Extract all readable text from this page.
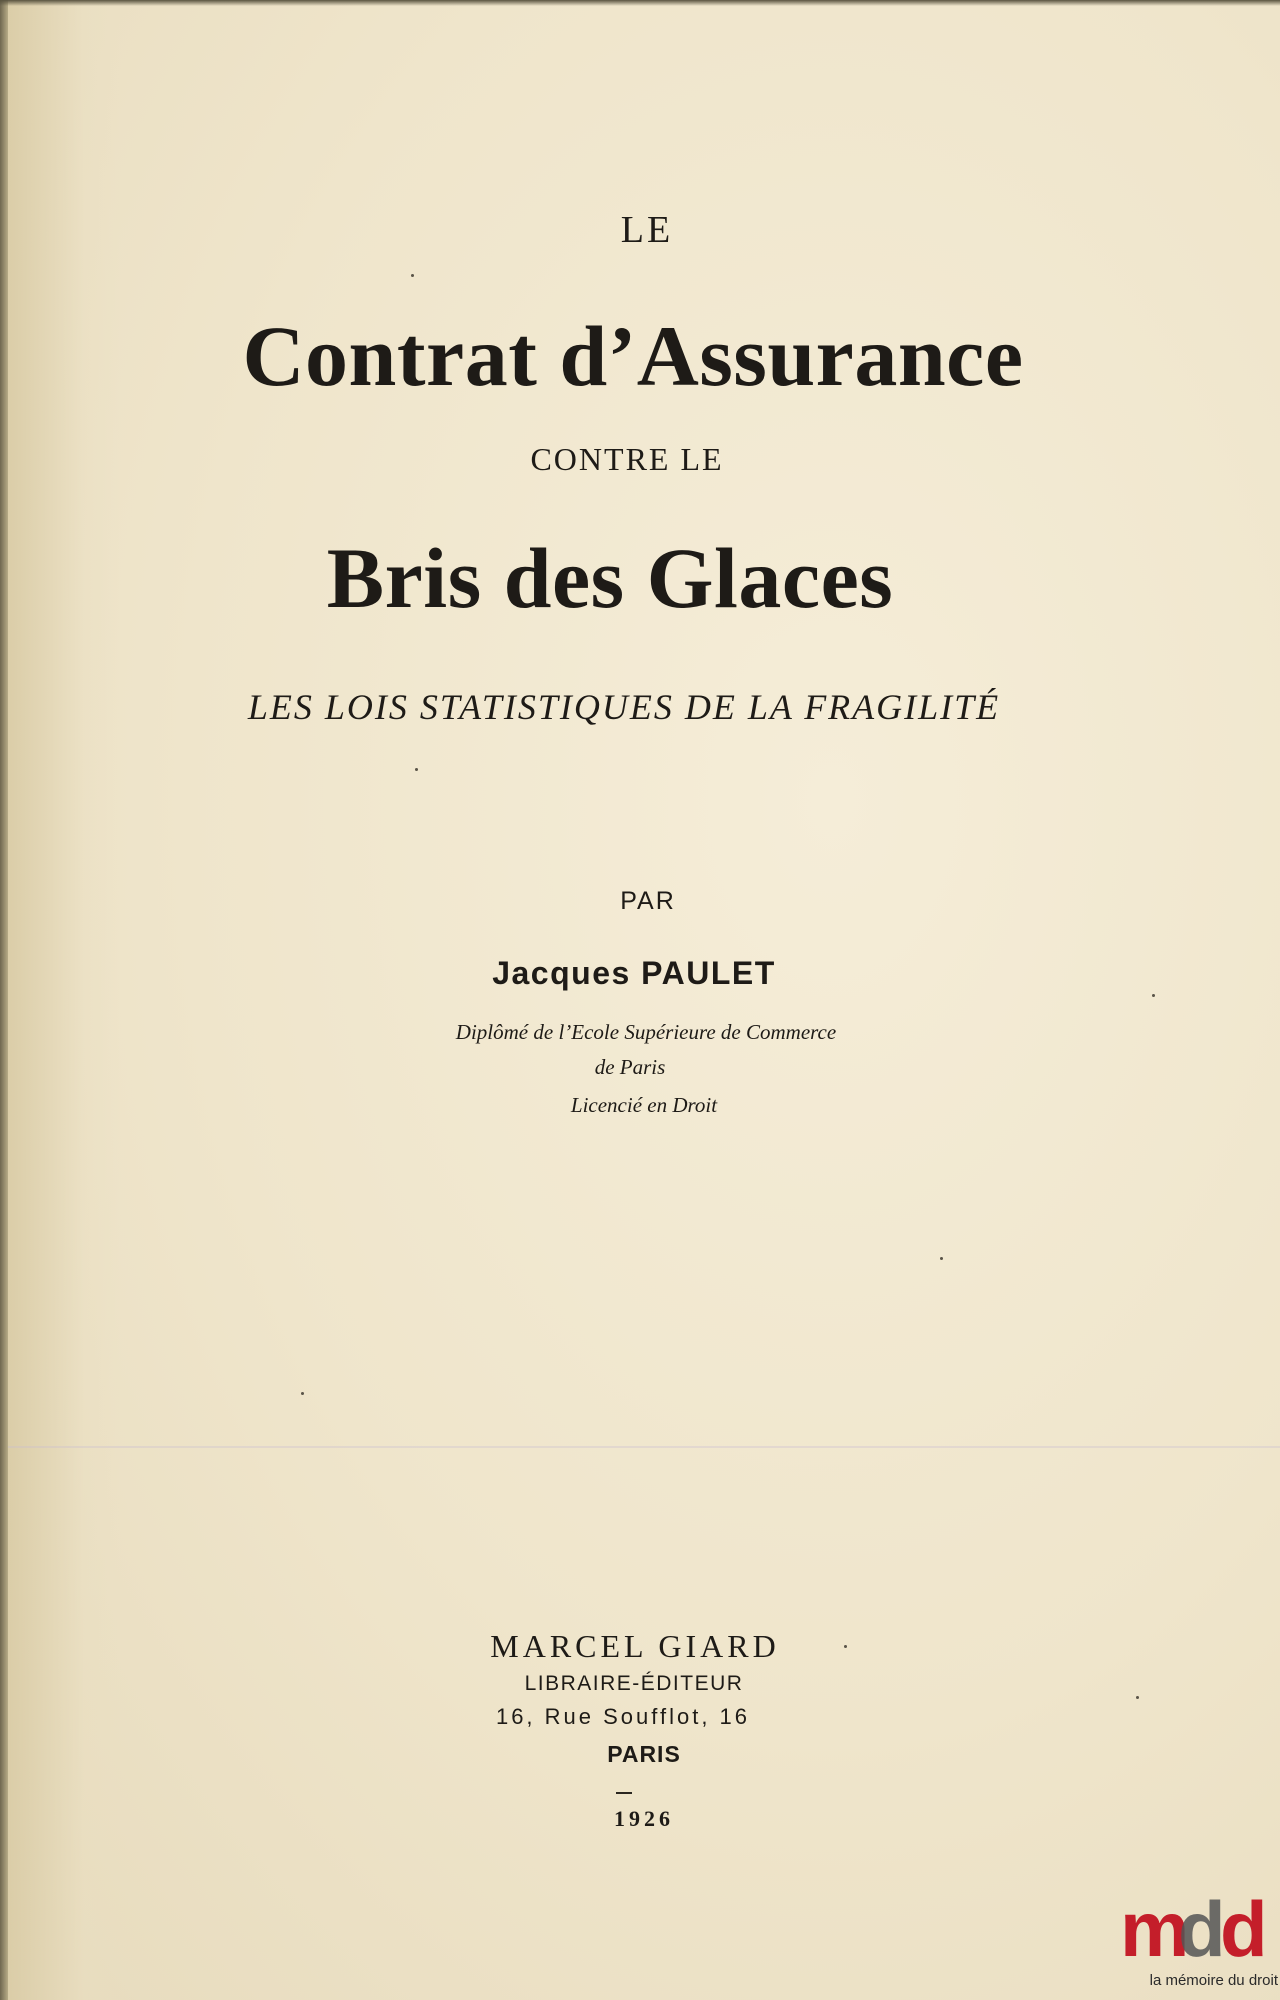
LE
Contrat d’Assurance
CONTRE LE
Bris des Glaces
LES LOIS STATISTIQUES DE LA FRAGILITÉ
PAR
Jacques PAULET
Diplômé de l’Ecole Supérieure de Commerce
de Paris
Licencié en Droit
MARCEL GIARD
LIBRAIRE-ÉDITEUR
16, Rue Soufflot, 16
PARIS
1926
m
d
d
la mémoire du droit
